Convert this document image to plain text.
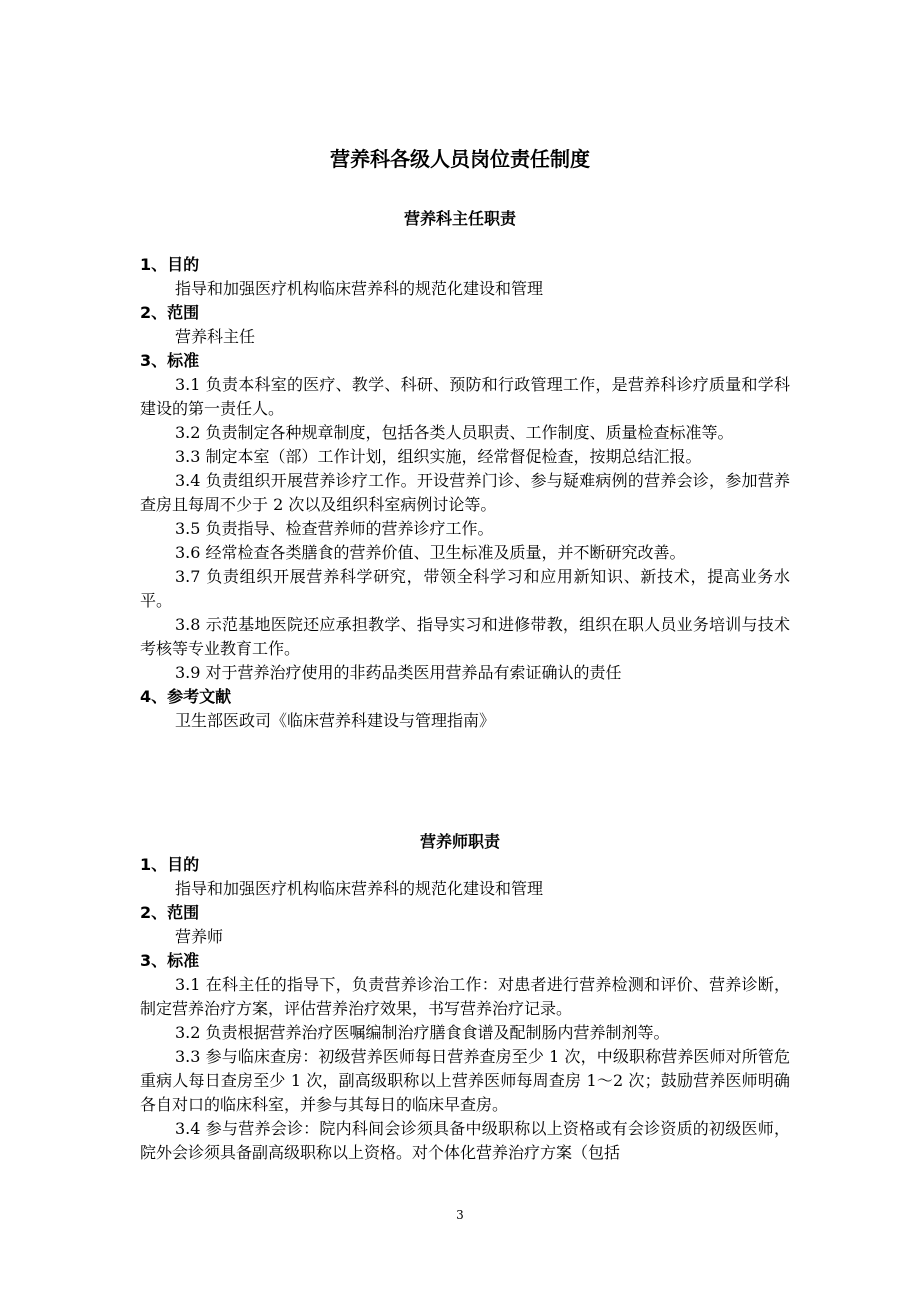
营养科各级人员岗位责任制度
营养科主任职责

1、目的

指导和加强医疗机构临床营养科的规范化建设和管理

2、范围

营养科主任

3、标准

3.1 负责本科室的医疗、教学、科研、预防和行政管理工作，是营养科诊疗质量和学科建设的第一责任人。

3.2 负责制定各种规章制度，包括各类人员职责、工作制度、质量检查标准等。

3.3 制定本室（部）工作计划，组织实施，经常督促检查，按期总结汇报。

3.4 负责组织开展营养诊疗工作。开设营养门诊、参与疑难病例的营养会诊，参加营养查房且每周不少于 2 次以及组织科室病例讨论等。

3.5 负责指导、检查营养师的营养诊疗工作。

3.6 经常检查各类膳食的营养价值、卫生标准及质量，并不断研究改善。

3.7 负责组织开展营养科学研究，带领全科学习和应用新知识、新技术，提高业务水平。

3.8 示范基地医院还应承担教学、指导实习和进修带教，组织在职人员业务培训与技术考核等专业教育工作。

3.9 对于营养治疗使用的非药品类医用营养品有索证确认的责任

4、参考文献

卫生部医政司《临床营养科建设与管理指南》

营养师职责

1、目的

指导和加强医疗机构临床营养科的规范化建设和管理

2、范围

营养师

3、标准

3.1 在科主任的指导下，负责营养诊治工作：对患者进行营养检测和评价、营养诊断，制定营养治疗方案，评估营养治疗效果，书写营养治疗记录。

3.2 负责根据营养治疗医嘱编制治疗膳食食谱及配制肠内营养制剂等。

3.3 参与临床查房：初级营养医师每日营养查房至少 1 次，中级职称营养医师对所管危重病人每日查房至少 1 次，副高级职称以上营养医师每周查房 1～2 次；鼓励营养医师明确各自对口的临床科室，并参与其每日的临床早查房。

3.4 参与营养会诊：院内科间会诊须具备中级职称以上资格或有会诊资质的初级医师，院外会诊须具备副高级职称以上资格。对个体化营养治疗方案（包括

3
